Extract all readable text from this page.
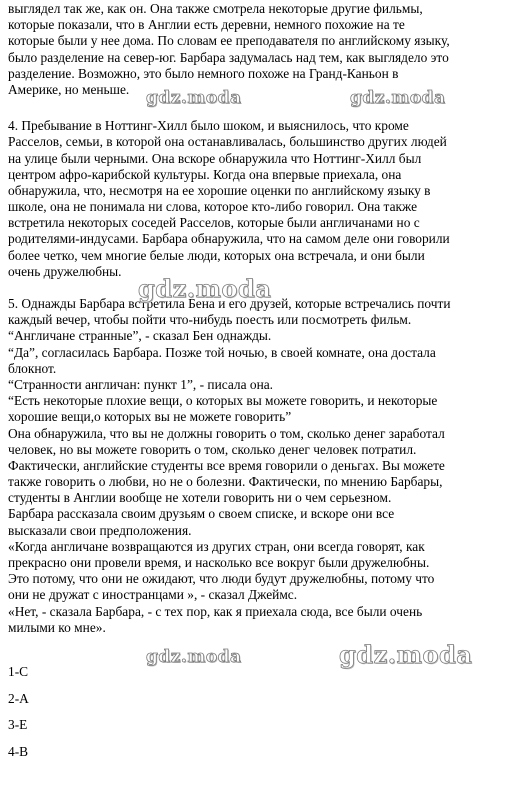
выглядел так же, как он. Она также смотрела некоторые другие фильмы,
которые показали, что в Англии есть деревни, немного похожие на те
которые были у нее дома. По словам ее преподавателя по английскому языку,
было разделение на север-юг. Барбара задумалась над тем, как выглядело это
разделение. Возможно, это было немного похоже на Гранд-Каньон в
Америке, но меньше.
4. Пребывание в Ноттинг-Хилл было шоком, и выяснилось, что кроме
Расселов, семьи, в которой она останавливалась, большинство других людей
на улице были черными. Она вскоре обнаружила что Ноттинг-Хилл был
центром афро-карибской культуры. Когда она впервые приехала, она
обнаружила, что, несмотря на ее хорошие оценки по английскому языку в
школе, она не понимала ни слова, которое кто-либо говорил. Она также
встретила некоторых соседей Расселов, которые были англичанами но с
родителями-индусами. Барбара обнаружила, что на самом деле они говорили
более четко, чем многие белые люди, которых она встречала, и они были
очень дружелюбны.
5. Однажды Барбара встретила Бена и его друзей, которые встречались почти
каждый вечер, чтобы пойти что-нибудь поесть или посмотреть фильм.
“Англичане странные”, - сказал Бен однажды.
“Да”, согласилась Барбара. Позже той ночью, в своей комнате, она достала
блокнот.
“Странности англичан: пункт 1”, - писала она.
“Есть некоторые плохие вещи, о которых вы можете говорить, и некоторые
хорошие вещи,о которых вы не можете говорить”
Она обнаружила, что вы не должны говорить о том, сколько денег заработал
человек, но вы можете говорить о том, сколько денег человек потратил.
Фактически, английские студенты все время говорили о деньгах. Вы можете
также говорить о любви, но не о болезни. Фактически, по мнению Барбары,
студенты в Англии вообще не хотели говорить ни о чем серьезном.
Барбара рассказала своим друзьям о своем списке, и вскоре они все
высказали свои предположения.
«Когда англичане возвращаются из других стран, они всегда говорят, как
прекрасно они провели время, и насколько все вокруг были дружелюбны.
Это потому, что они не ожидают, что люди будут дружелюбны, потому что
они не дружат с иностранцами », - сказал Джеймс.
«Нет, - сказала Барбара, - с тех пор, как я приехала сюда, все были очень
милыми ко мне».
1-C
2-A
3-E
4-B
gdz.moda	gdz.moda
gdz.moda
gdz.moda	gdz.moda
